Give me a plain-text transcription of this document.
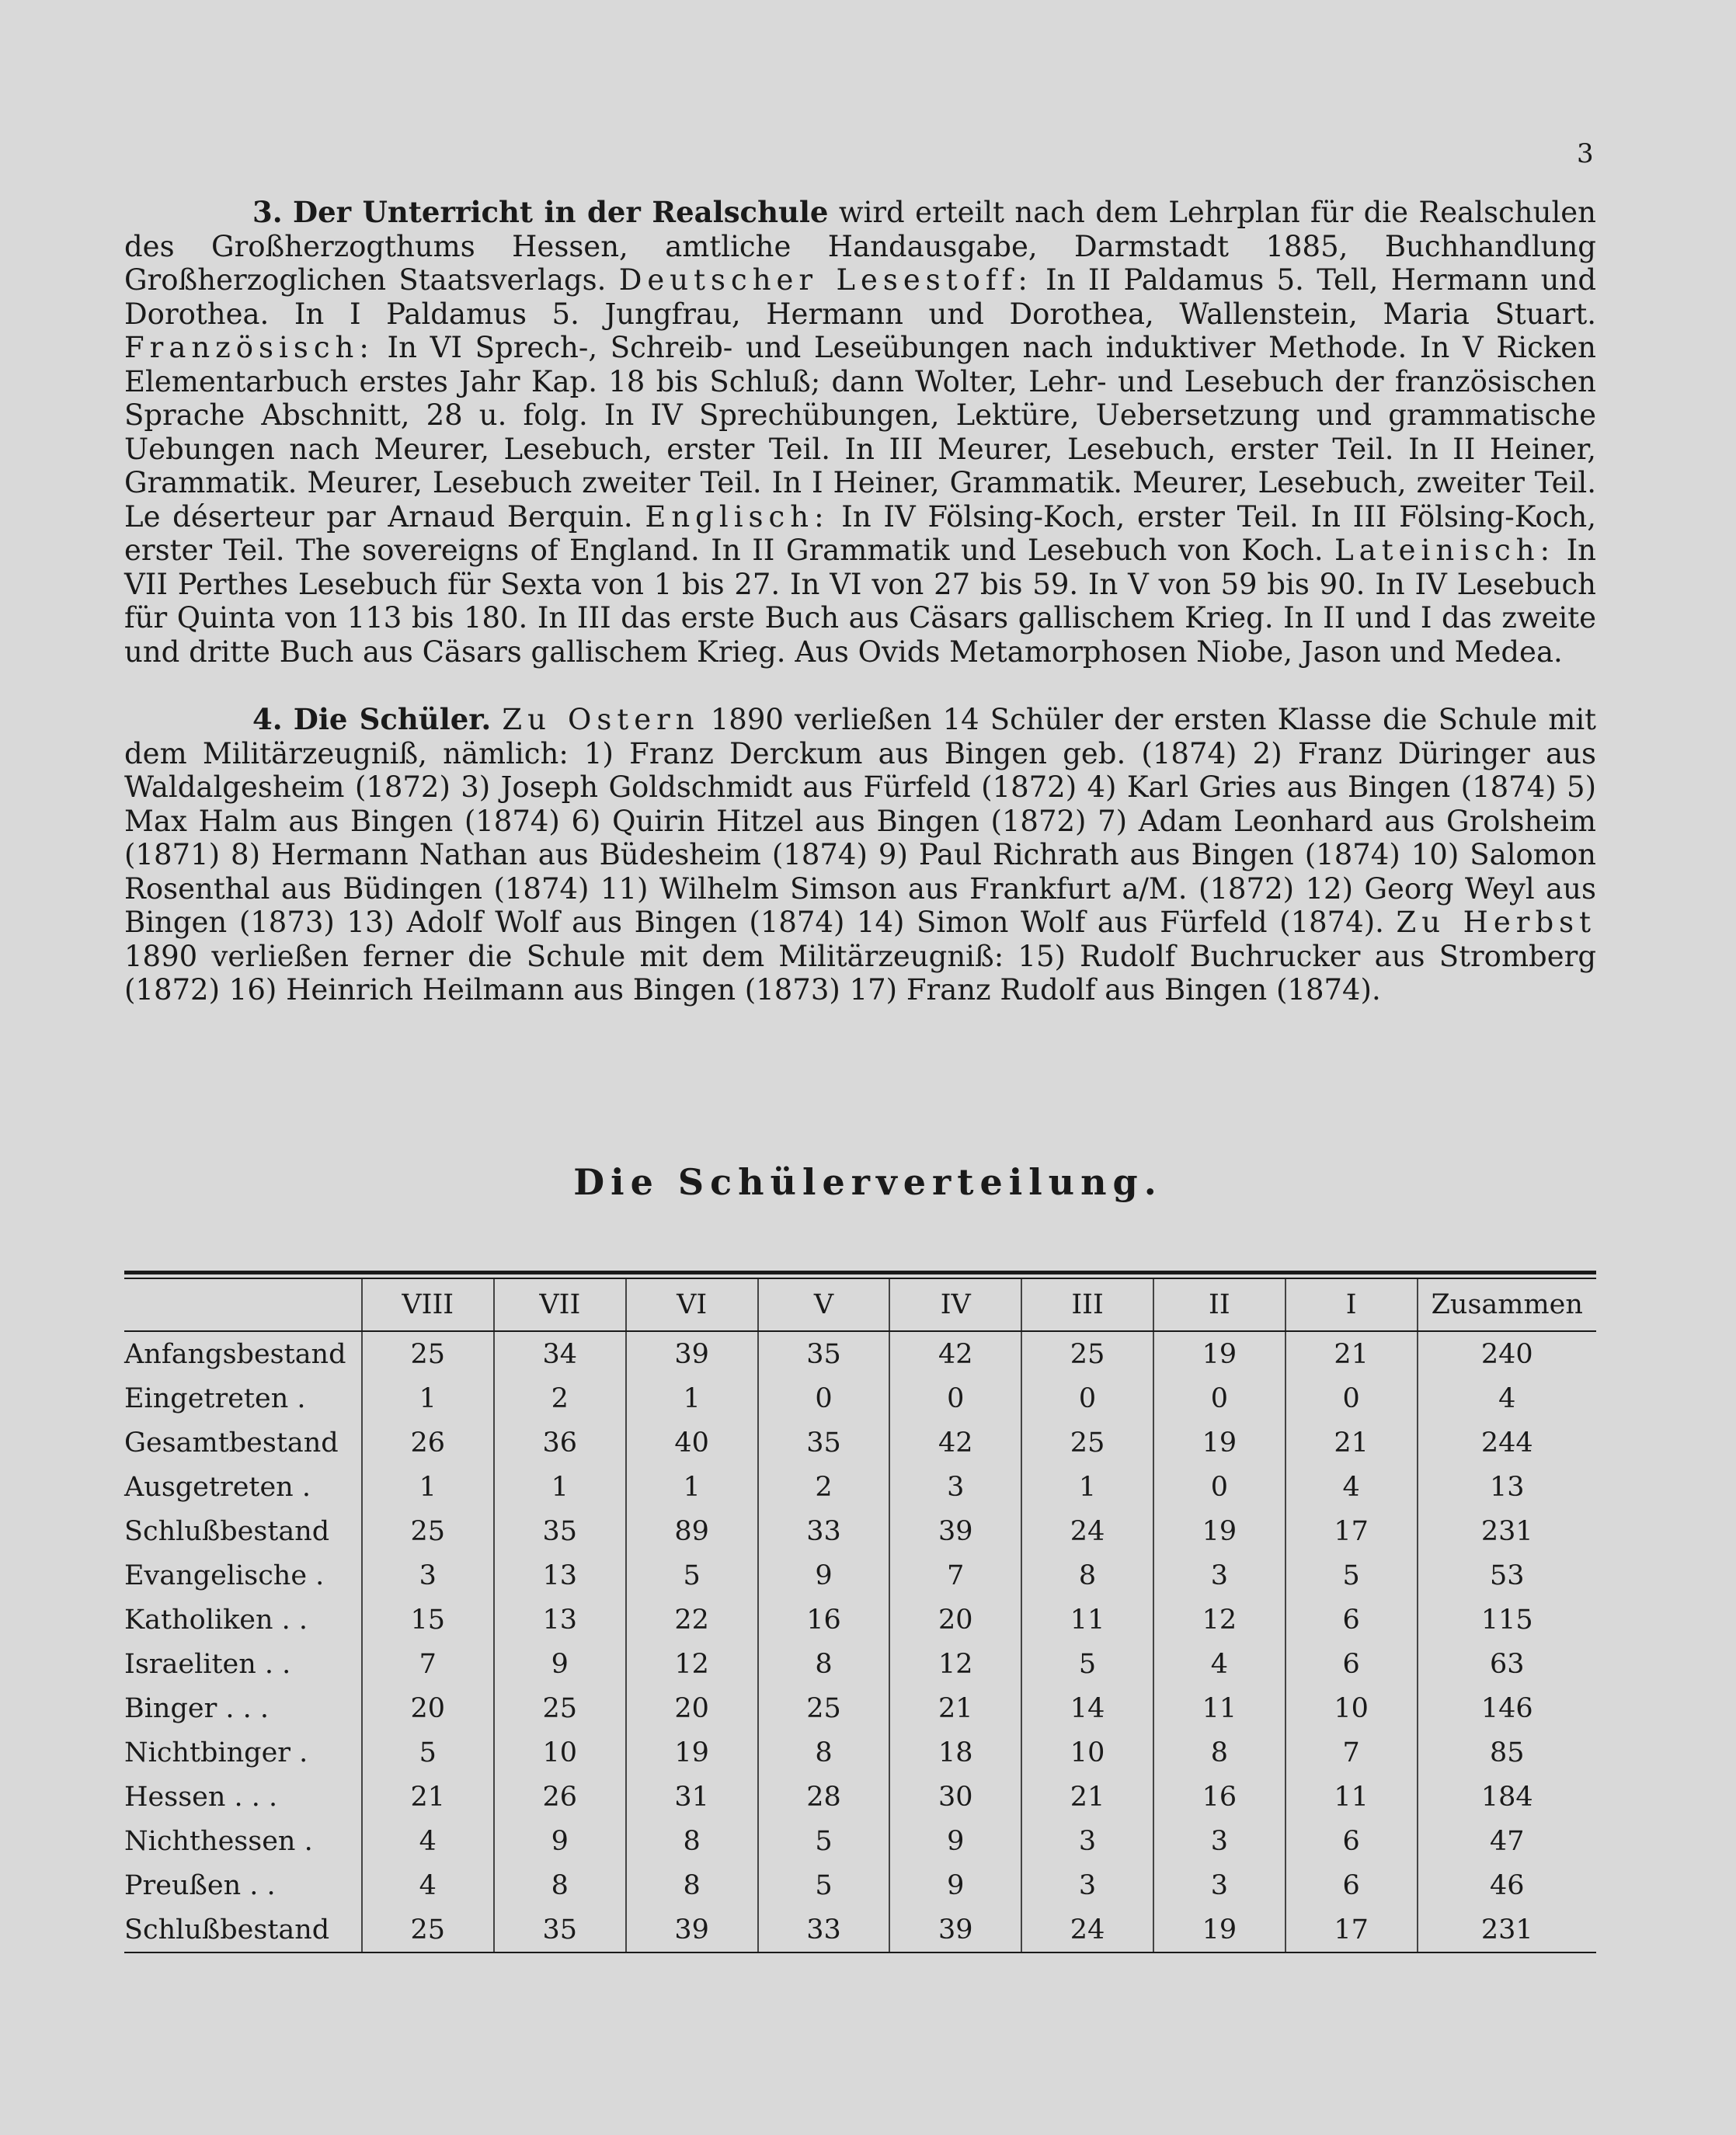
3
3. Der Unterricht in der Realschule wird erteilt nach dem Lehrplan für die Realschulen des Großherzogthums Hessen, amtliche Handausgabe, Darmstadt 1885, Buchhandlung Großherzoglichen Staatsverlags. Deutscher Lesestoff: In II Paldamus 5. Tell, Hermann und Dorothea. In I Paldamus 5. Jungfrau, Hermann und Dorothea, Wallenstein, Maria Stuart. Französisch: In VI Sprech-, Schreib- und Leseübungen nach induktiver Methode. In V Ricken Elementarbuch erstes Jahr Kap. 18 bis Schluß; dann Wolter, Lehr- und Lesebuch der französischen Sprache Abschnitt, 28 u. folg. In IV Sprechübungen, Lektüre, Uebersetzung und grammatische Uebungen nach Meurer, Lesebuch, erster Teil. In III Meurer, Lesebuch, erster Teil. In II Heiner, Grammatik. Meurer, Lesebuch zweiter Teil. In I Heiner, Grammatik. Meurer, Lesebuch, zweiter Teil. Le déserteur par Arnaud Berquin. Englisch: In IV Fölsing-Koch, erster Teil. In III Fölsing-Koch, erster Teil. The sovereigns of England. In II Grammatik und Lesebuch von Koch. Lateinisch: In VII Perthes Lesebuch für Sexta von 1 bis 27. In VI von 27 bis 59. In V von 59 bis 90. In IV Lesebuch für Quinta von 113 bis 180. In III das erste Buch aus Cäsars gallischem Krieg. In II und I das zweite und dritte Buch aus Cäsars gallischem Krieg. Aus Ovids Metamorphosen Niobe, Jason und Medea.
4. Die Schüler. Zu Ostern 1890 verließen 14 Schüler der ersten Klasse die Schule mit dem Militärzeugniß, nämlich: 1) Franz Derckum aus Bingen geb. (1874) 2) Franz Düringer aus Waldalgesheim (1872) 3) Joseph Goldschmidt aus Fürfeld (1872) 4) Karl Gries aus Bingen (1874) 5) Max Halm aus Bingen (1874) 6) Quirin Hitzel aus Bingen (1872) 7) Adam Leonhard aus Grolsheim (1871) 8) Hermann Nathan aus Büdesheim (1874) 9) Paul Richrath aus Bingen (1874) 10) Salomon Rosenthal aus Büdingen (1874) 11) Wilhelm Simson aus Frankfurt a/M. (1872) 12) Georg Weyl aus Bingen (1873) 13) Adolf Wolf aus Bingen (1874) 14) Simon Wolf aus Fürfeld (1874). Zu Herbst 1890 verließen ferner die Schule mit dem Militärzeugniß: 15) Rudolf Buchrucker aus Stromberg (1872) 16) Heinrich Heilmann aus Bingen (1873) 17) Franz Rudolf aus Bingen (1874).
Die Schülerverteilung.
	VIII	VII	VI	V	IV	III	II	I	Zusammen
Anfangsbestand	25	34	39	35	42	25	19	21	240
Eingetreten .	1	2	1	0	0	0	0	0	4
Gesamtbestand	26	36	40	35	42	25	19	21	244
Ausgetreten .	1	1	1	2	3	1	0	4	13
Schlußbestand	25	35	89	33	39	24	19	17	231
Evangelische .	3	13	5	9	7	8	3	5	53
Katholiken . .	15	13	22	16	20	11	12	6	115
Israeliten . .	7	9	12	8	12	5	4	6	63
Binger . . .	20	25	20	25	21	14	11	10	146
Nichtbinger .	5	10	19	8	18	10	8	7	85
Hessen . . .	21	26	31	28	30	21	16	11	184
Nichthessen .	4	9	8	5	9	3	3	6	47
Preußen . .	4	8	8	5	9	3	3	6	46
Schlußbestand	25	35	39	33	39	24	19	17	231
